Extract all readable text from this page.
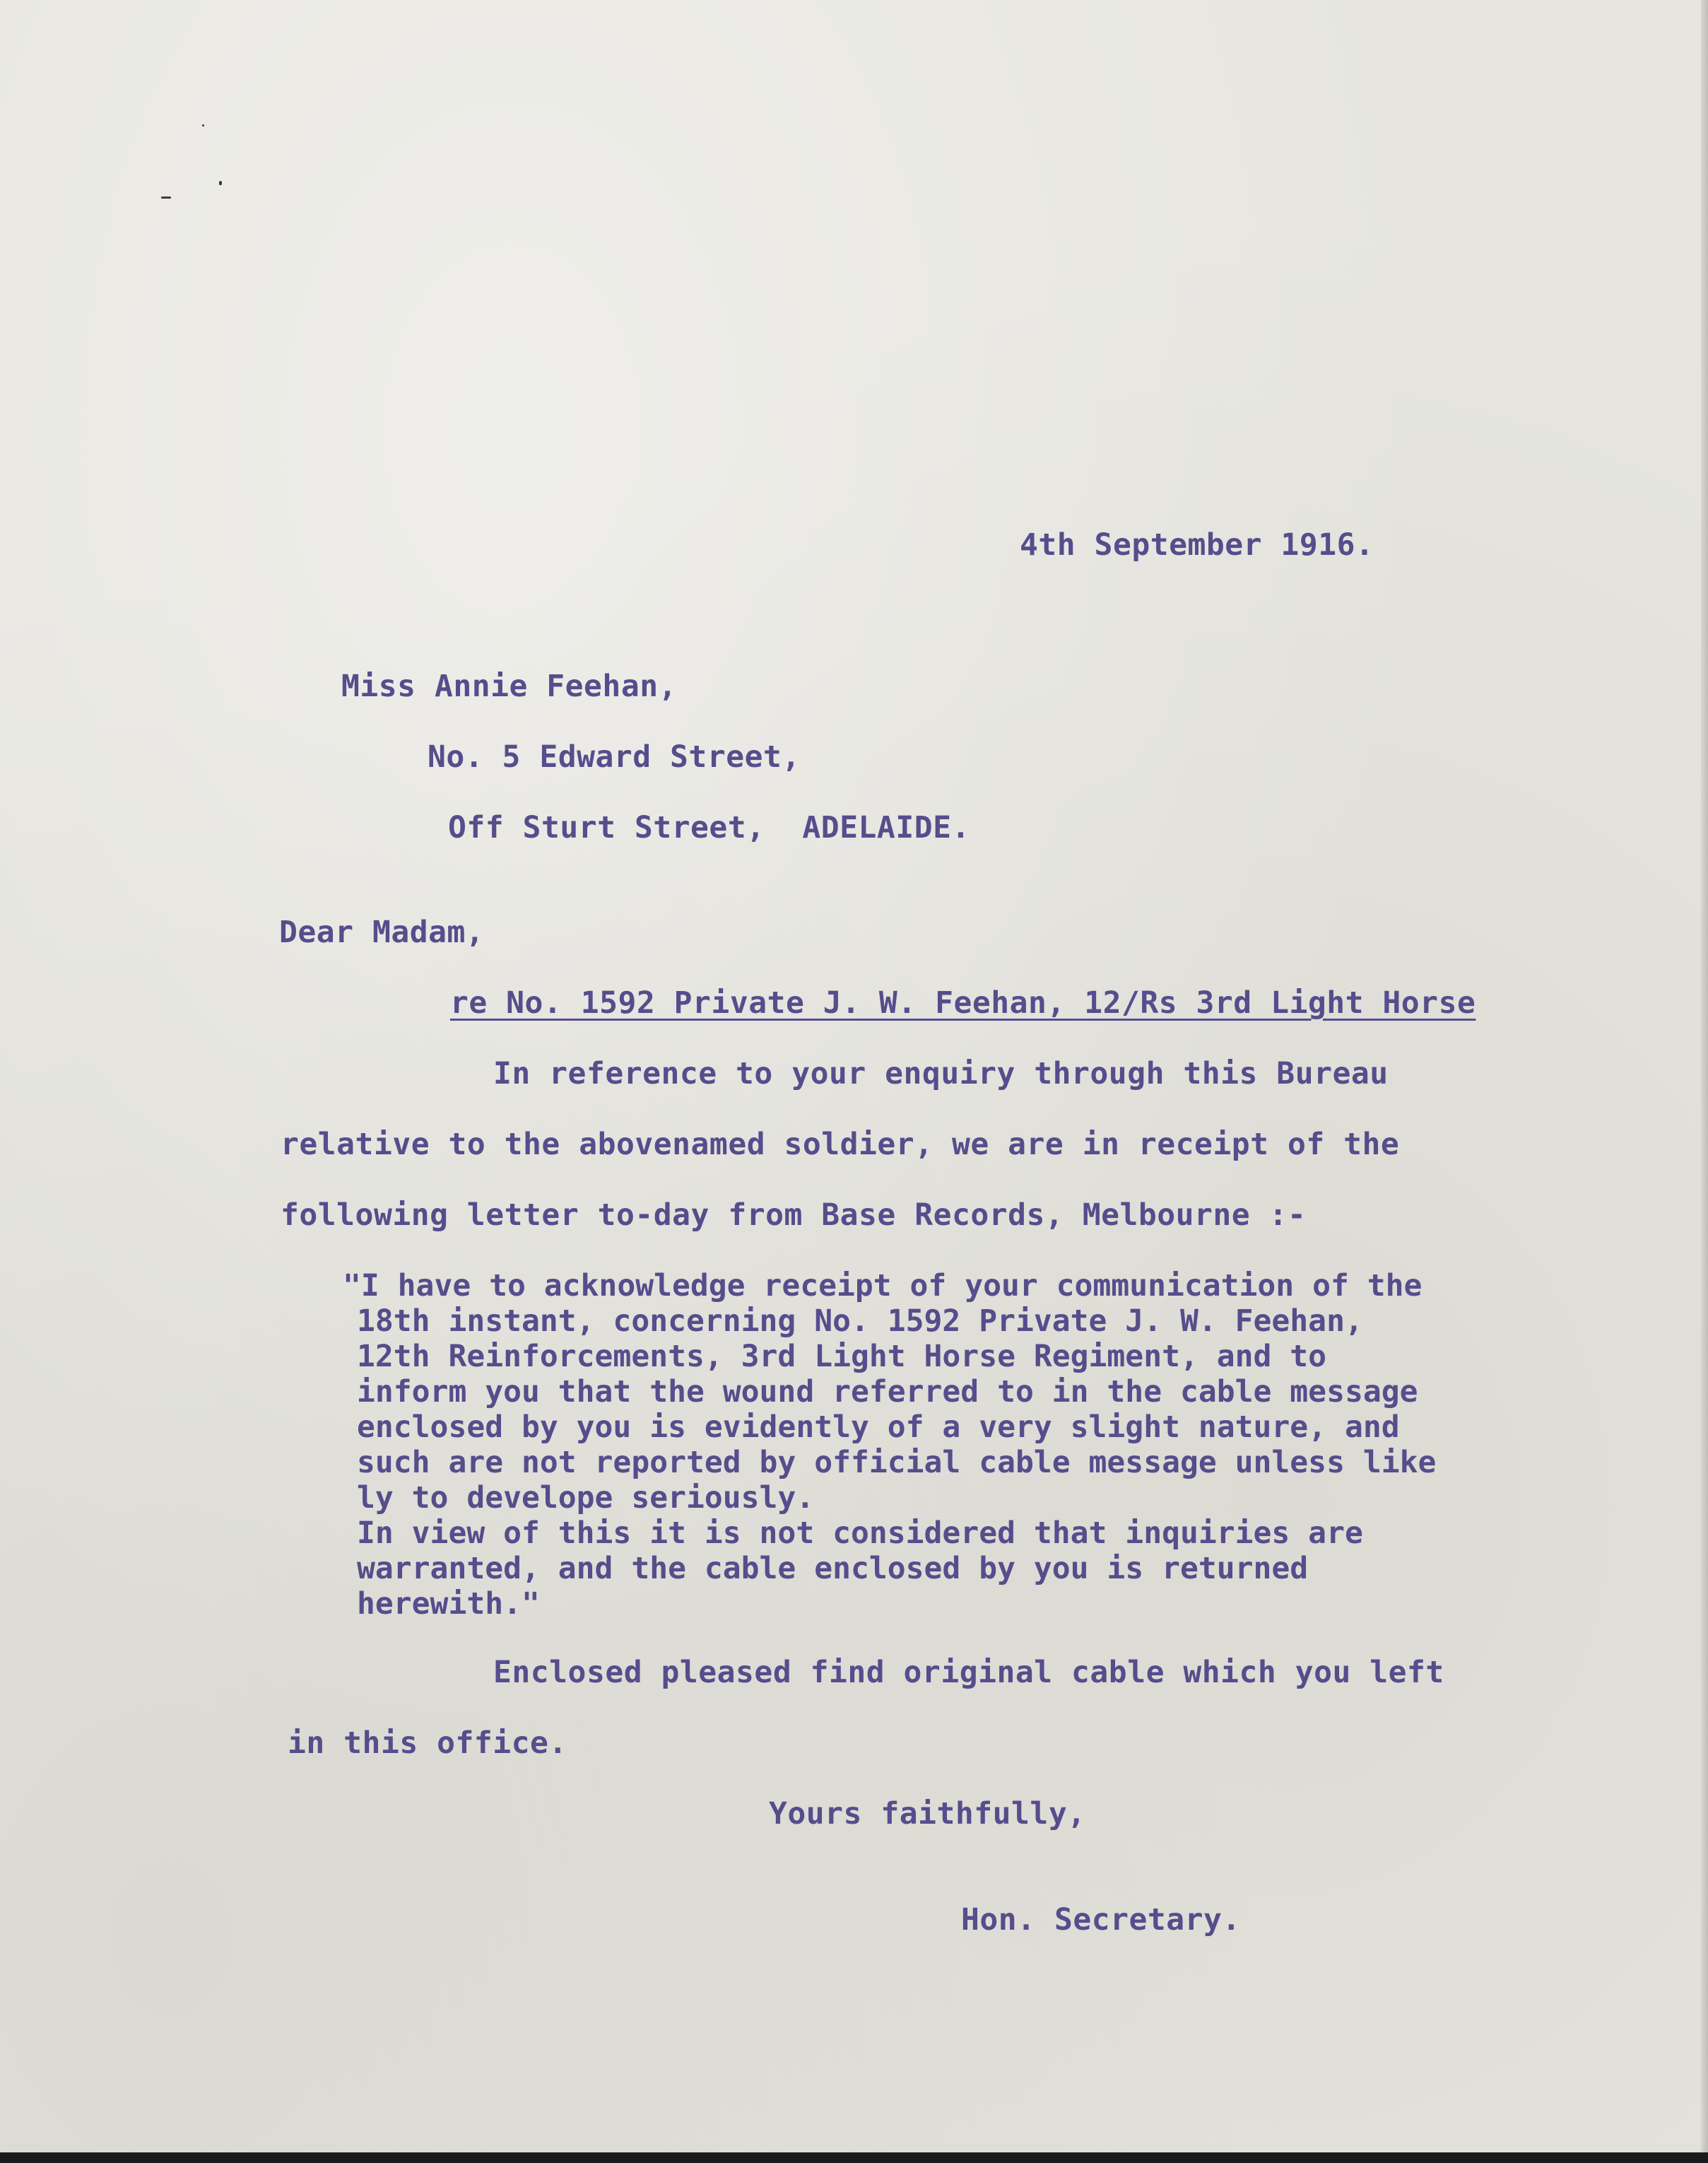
4th September 1916.
Miss Annie Feehan,
No. 5 Edward Street,
Off Sturt Street,  ADELAIDE.
Dear Madam,
re No. 1592 Private J. W. Feehan, 12/Rs 3rd Light Horse
In reference to your enquiry through this Bureau
relative to the abovenamed soldier, we are in receipt of the
following letter to-day from Base Records, Melbourne :-
"I have to acknowledge receipt of your communication of the
18th instant, concerning No. 1592 Private J. W. Feehan,
12th Reinforcements, 3rd Light Horse Regiment, and to
inform you that the wound referred to in the cable message
enclosed by you is evidently of a very slight nature, and
such are not reported by official cable message unless like
ly to develope seriously.
In view of this it is not considered that inquiries are
warranted, and the cable enclosed by you is returned
herewith."
Enclosed pleased find original cable which you left
in this office.
Yours faithfully,
Hon. Secretary.
